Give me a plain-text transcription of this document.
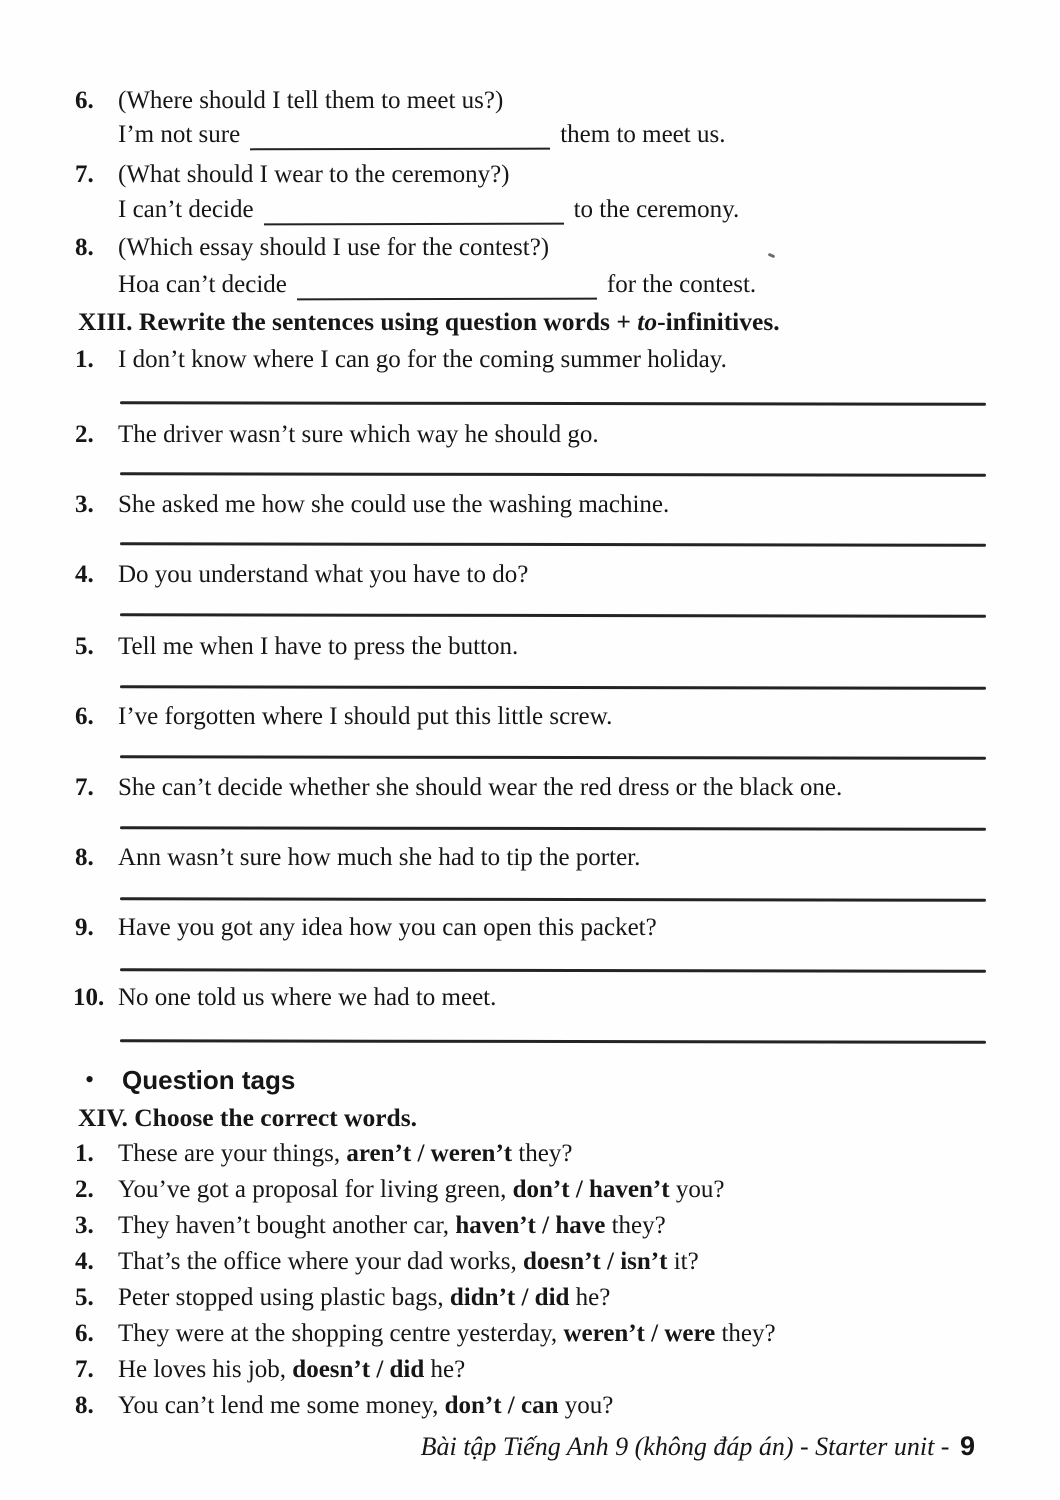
6. (Where should I tell them to meet us?)
I’m not sure	them to meet us.
7. (What should I wear to the ceremony?)
I can’t decide	to the ceremony.
8. (Which essay should I use for the contest?)
Hoa can’t decide	for the contest.
XIII. Rewrite the sentences using question words + to-infinitives.
1. I don’t know where I can go for the coming summer holiday.
2. The driver wasn’t sure which way he should go.
3. She asked me how she could use the washing machine.
4. Do you understand what you have to do?
5. Tell me when I have to press the button.
6. I’ve forgotten where I should put this little screw.
7. She can’t decide whether she should wear the red dress or the black one.
8. Ann wasn’t sure how much she had to tip the porter.
9. Have you got any idea how you can open this packet?
10. No one told us where we had to meet.
• Question tags
XIV. Choose the correct words.
1. These are your things, aren’t / weren’t they?
2. You’ve got a proposal for living green, don’t / haven’t you?
3. They haven’t bought another car, haven’t / have they?
4. That’s the office where your dad works, doesn’t / isn’t it?
5. Peter stopped using plastic bags, didn’t / did he?
6. They were at the shopping centre yesterday, weren’t / were they?
7. He loves his job, doesn’t / did he?
8. You can’t lend me some money, don’t / can you?
Bài tập Tiếng Anh 9 (không đáp án) - Starter unit - 9
